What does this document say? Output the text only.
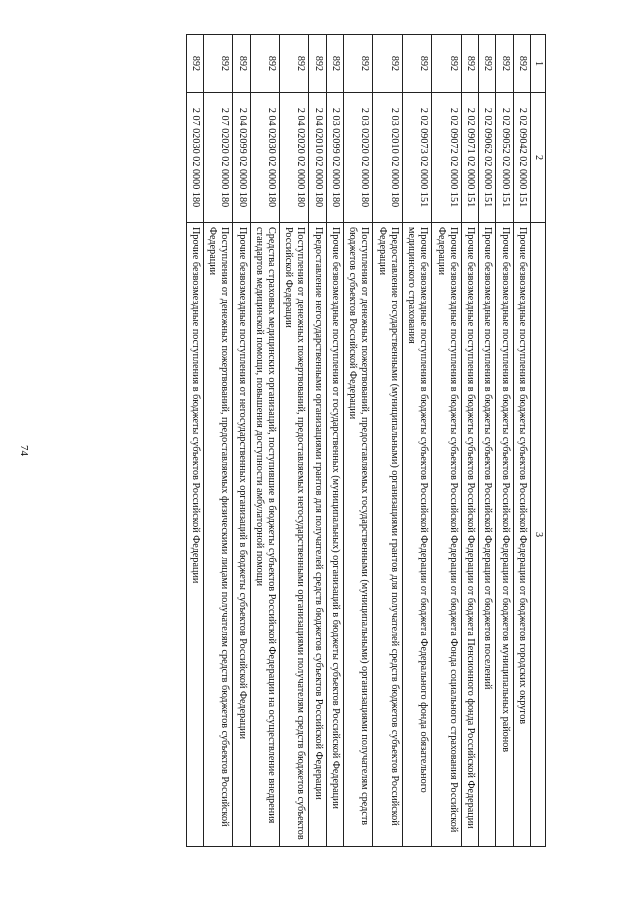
74
1	2	3
892	2 02 09042 02 0000 151	Прочие безвозмездные поступления в бюджеты субъектов Российской Федерации от бюджетов городских округов
892	2 02 09052 02 0000 151	Прочие безвозмездные поступления в бюджеты субъектов Российской Федерации от бюджетов муниципальных районов
892	2 02 09062 02 0000 151	Прочие безвозмездные поступления в бюджеты субъектов Российской Федерации от бюджетов поселений
892	2 02 09071 02 0000 151	Прочие безвозмездные поступления в бюджеты субъектов Российской Федерации от бюджета Пенсионного фонда Российской Федерации
892	2 02 09072 02 0000 151	Прочие безвозмездные поступления в бюджеты субъектов Российской Федерации от бюджета Фонда социального страхования Российской Федерации
892	2 02 09073 02 0000 151	Прочие безвозмездные поступления в бюджеты субъектов Российской Федерации от бюджета Федерального фонда обязательного медицинского страхования
892	2 03 02010 02 0000 180	Предоставление государственными (муниципальными) организациями грантов для получателей средств бюджетов субъектов Российской Федерации
892	2 03 02020 02 0000 180	Поступления от денежных пожертвований, предоставляемых государственными (муниципальными) организациями получателям средств бюджетов субъектов Российской Федерации
892	2 03 02099 02 0000 180	Прочие безвозмездные поступления от государственных (муниципальных) организаций в бюджеты субъектов Российской Федерации
892	2 04 02010 02 0000 180	Предоставление негосударственными организациями грантов для получателей средств бюджетов субъектов Российской Федерации
892	2 04 02020 02 0000 180	Поступления от денежных пожертвований, предоставляемых негосударственными организациями получателям средств бюджетов субъектов Российской Федерации
892	2 04 02030 02 0000 180	Средства страховых медицинских организаций, поступившие в бюджеты субъектов Российской Федерации на осуществление внедрения стандартов медицинской помощи, повышения доступности амбулаторной помощи
892	2 04 02099 02 0000 180	Прочие безвозмездные поступления от негосударственных организаций в бюджеты субъектов Российской Федерации
892	2 07 02020 02 0000 180	Поступления от денежных пожертвований, предоставляемых физическими лицами получателям средств бюджетов субъектов Российской Федерации
892	2 07 02030 02 0000 180	Прочие безвозмездные поступления в бюджеты субъектов Российской Федерации
